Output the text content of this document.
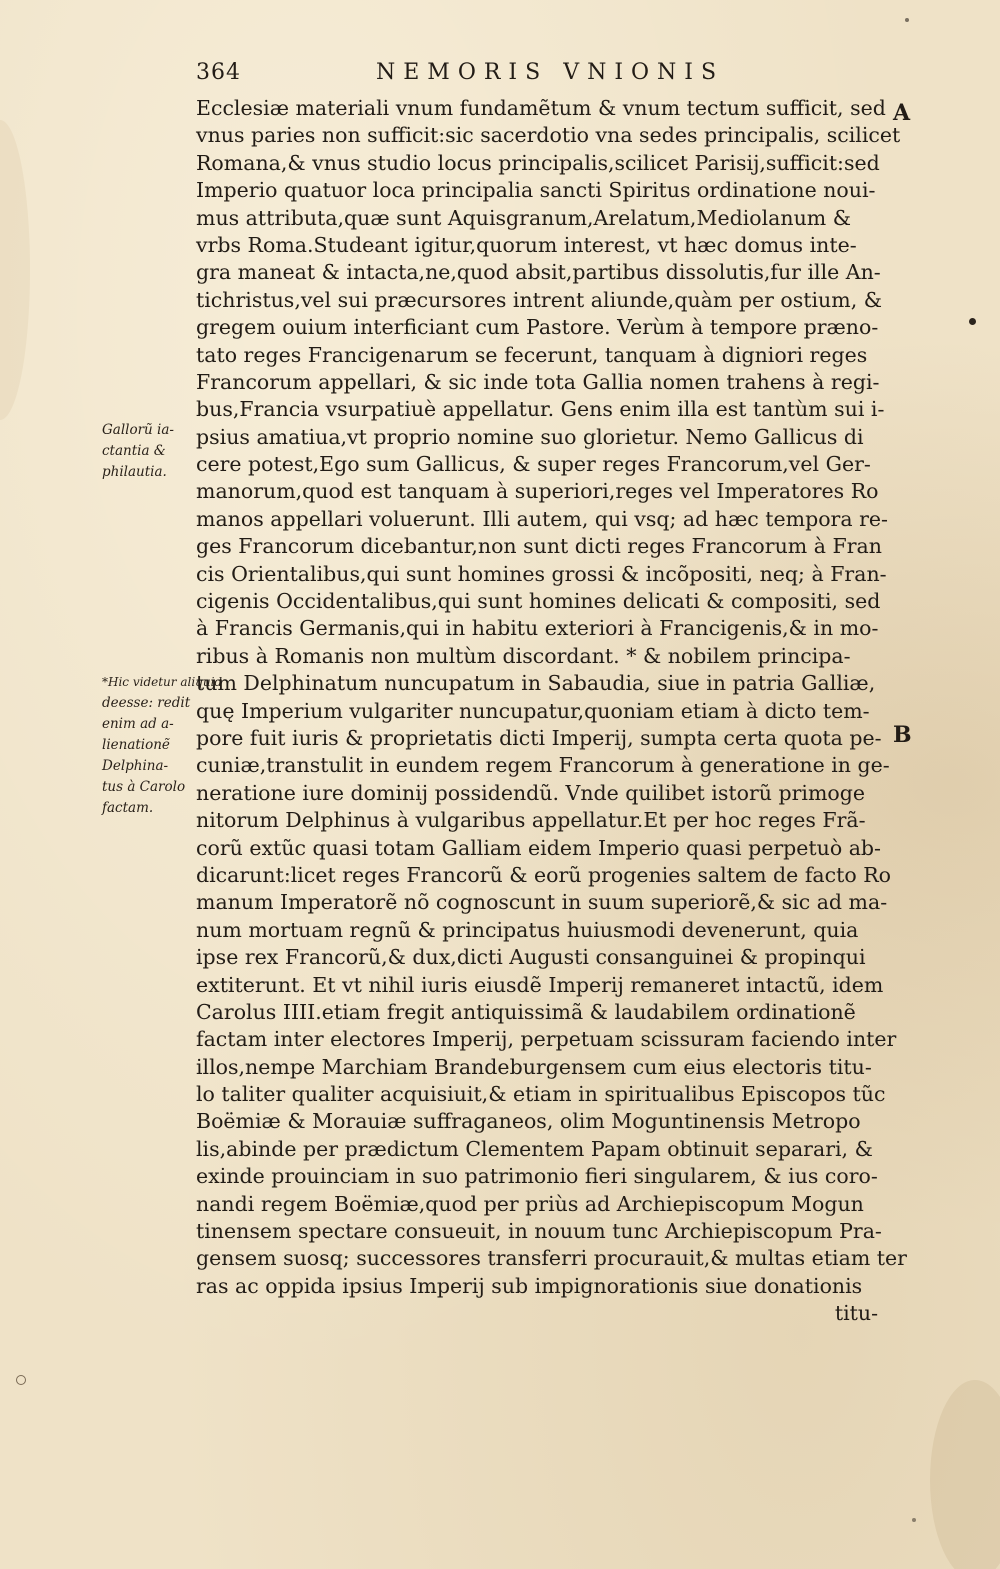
364	NEMORIS VNIONIS
A
B
Gallorũ ia-
ctantia &
philautia.
*Hic videtur aliquid
deesse: redit
enim ad a-
lienationẽ
Delphina-
tus à Carolo
factam.
Ecclesiæ materiali vnum fundamẽtum & vnum tectum sufficit, sed
vnus paries non sufficit:sic sacerdotio vna sedes principalis, scilicet
Romana,& vnus studio locus principalis,scilicet Parisij,sufficit:sed
Imperio quatuor loca principalia sancti Spiritus ordinatione noui-
mus attributa,quæ sunt Aquisgranum,Arelatum,Mediolanum &
vrbs Roma.Studeant igitur,quorum interest, vt hæc domus inte-
gra maneat & intacta,ne,quod absit,partibus dissolutis,fur ille An-
tichristus,vel sui præcursores intrent aliunde,quàm per ostium, &
gregem ouium interficiant cum Pastore. Verùm à tempore prænо-
tato reges Francigenarum se fecerunt, tanquam à digniori reges
Francorum appellari, & sic inde tota Gallia nomen trahens à regi-
bus,Francia vsurpatiuè appellatur. Gens enim illa est tantùm sui i-
psius amatiua,vt proprio nomine suo glorietur. Nemo Gallicus di
cere potest,Ego sum Gallicus, & super reges Francorum,vel Ger-
manorum,quod est tanquam à superiori,reges vel Imperatores Ro
manos appellari voluerunt. Illi autem, qui vsq; ad hæc tempora re-
ges Francorum dicebantur,non sunt dicti reges Francorum à Fran
cis Orientalibus,qui sunt homines grossi & incõpositi, neq; à Fran-
cigenis Occidentalibus,qui sunt homines delicati & compositi, sed
à Francis Germanis,qui in habitu exteriori à Francigenis,& in mo-
ribus à Romanis non multùm discordant. * & nobilem principa-
tum Delphinatum nuncupatum in Sabaudia, siue in patria Galliæ,
quę Imperium vulgariter nuncupatur,quoniam etiam à dicto tem-
pore fuit iuris & proprietatis dicti Imperij, sumpta certa quota pe-
cuniæ,transtulit in eundem regem Francorum à generatione in ge-
neratione iure dominij possidendũ. Vnde quilibet istorũ primoge
nitorum Delphinus à vulgaribus appellatur.Et per hoc reges Frã-
corũ extũc quasi totam Galliam eidem Imperio quasi perpetuò ab-
dicarunt:licet reges Francorũ & eorũ progenies saltem de facto Ro
manum Imperatorẽ nõ cognoscunt in suum superiorẽ,& sic ad ma-
num mortuam regnũ & principatus huiusmodi devenerunt, quia
ipse rex Francorũ,& dux,dicti Augusti consanguinei & propinqui
extiterunt. Et vt nihil iuris eiusdẽ Imperij remaneret intactũ, idem
Carolus IIII.etiam fregit antiquissimã & laudabilem ordinationẽ
factam inter electores Imperij, perpetuam scissuram faciendo inter
illos,nempe Marchiam Brandeburgensem cum eius electoris titu-
lo taliter qualiter acquisiuit,& etiam in spiritualibus Episcopos tũc
Boëmiæ & Morauiæ suffraganeos, olim Moguntinensis Metropo
lis,abinde per prædictum Clementem Papam obtinuit separari, &
exinde prouinciam in suo patrimonio fieri singularem, & ius coro-
nandi regem Boëmiæ,quod per priùs ad Archiepiscopum Mogun
tinensem spectare consueuit, in nouum tunc Archiepiscopum Pra-
gensem suosq; successores transferri procurauit,& multas etiam ter
ras ac oppida ipsius Imperij sub impignorationis siue donationis
titu-
